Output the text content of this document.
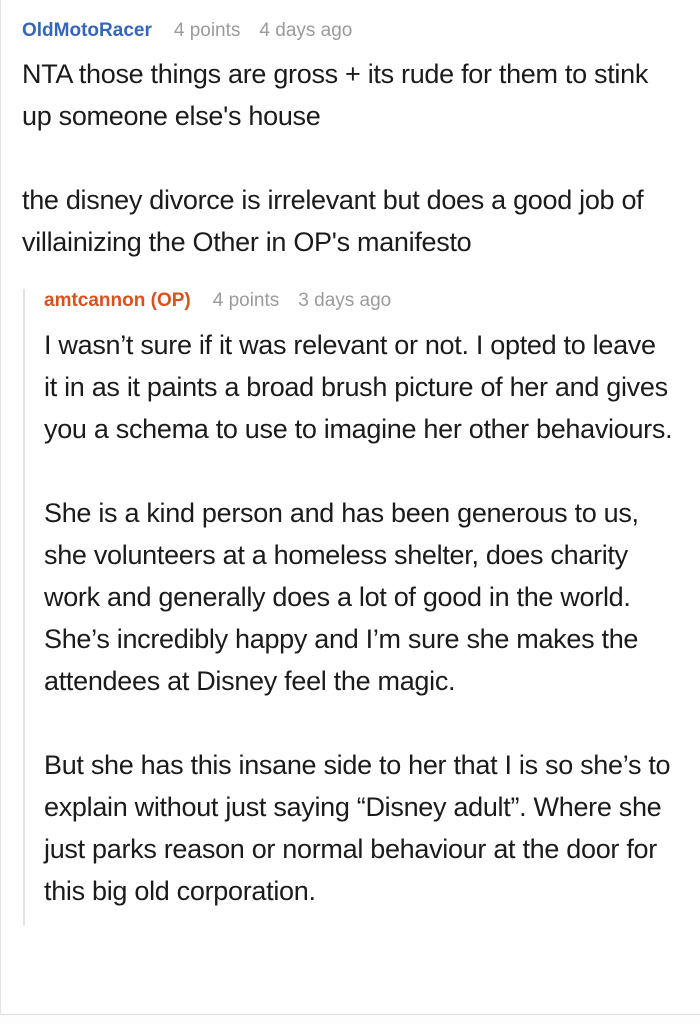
OldMotoRacer 4 points 4 days ago

NTA those things are gross + its rude for them to stink up someone else's house

the disney divorce is irrelevant but does a good job of villainizing the Other in OP's manifesto

amtcannon (OP) 4 points 3 days ago

I wasn’t sure if it was relevant or not. I opted to leave it in as it paints a broad brush picture of her and gives you a schema to use to imagine her other behaviours.

She is a kind person and has been generous to us, she volunteers at a homeless shelter, does charity work and generally does a lot of good in the world. She’s incredibly happy and I’m sure she makes the attendees at Disney feel the magic.

But she has this insane side to her that I is so she’s to explain without just saying “Disney adult”. Where she just parks reason or normal behaviour at the door for this big old corporation.
